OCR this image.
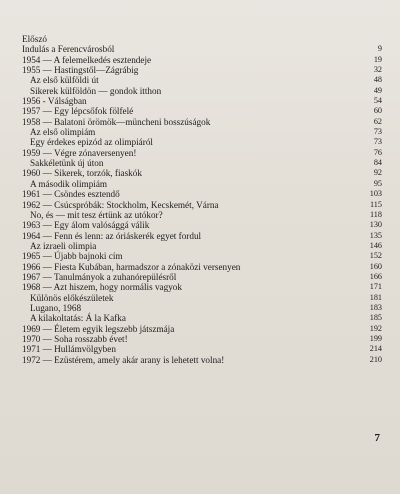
Előszó
Indulás a Ferencvárosból	9
1954 — A felemelkedés esztendeje	19
1955 — Hastingstől—Zágrábig	32
Az első külföldi út	48
Sikerek külföldön — gondok itthon	49
1956 - Válságban	54
1957 — Egy lépcsőfok fölfelé	60
1958 — Balatoni örömök—müncheni bosszúságok	62
Az első olimpiám	73
Egy érdekes epizód az olimpiáról	73
1959 — Végre zónaversenyen!	76
Sakkéletünk új úton	84
1960 — Sikerek, torzók, fiaskók	92
A második olimpiám	95
1961 — Csöndes esztendő	103
1962 — Csúcspróbák: Stockholm, Kecskemét, Várna	115
No, és — mit tesz értünk az utókor?	118
1963 — Egy álom valósággá válik	130
1964 — Fenn és lenn: az óriáskerék egyet fordul	135
Az izraeli olimpia	146
1965 — Újabb bajnoki cím	152
1966 — Fiesta Kubában, harmadszor a zónaközi versenyen	160
1967 — Tanulmányok a zuhanórepülésről	166
1968 — Azt hiszem, hogy normális vagyok	171
Különös előkészületek	181
Lugano, 1968	183
A kilakoltatás: Á la Kafka	185
1969 — Életem egyik legszebb játszmája	192
1970 — Soha rosszabb évet!	199
1971 — Hullámvölgyben	214
1972 — Ezüstérem, amely akár arany is lehetett volna!	210
7
